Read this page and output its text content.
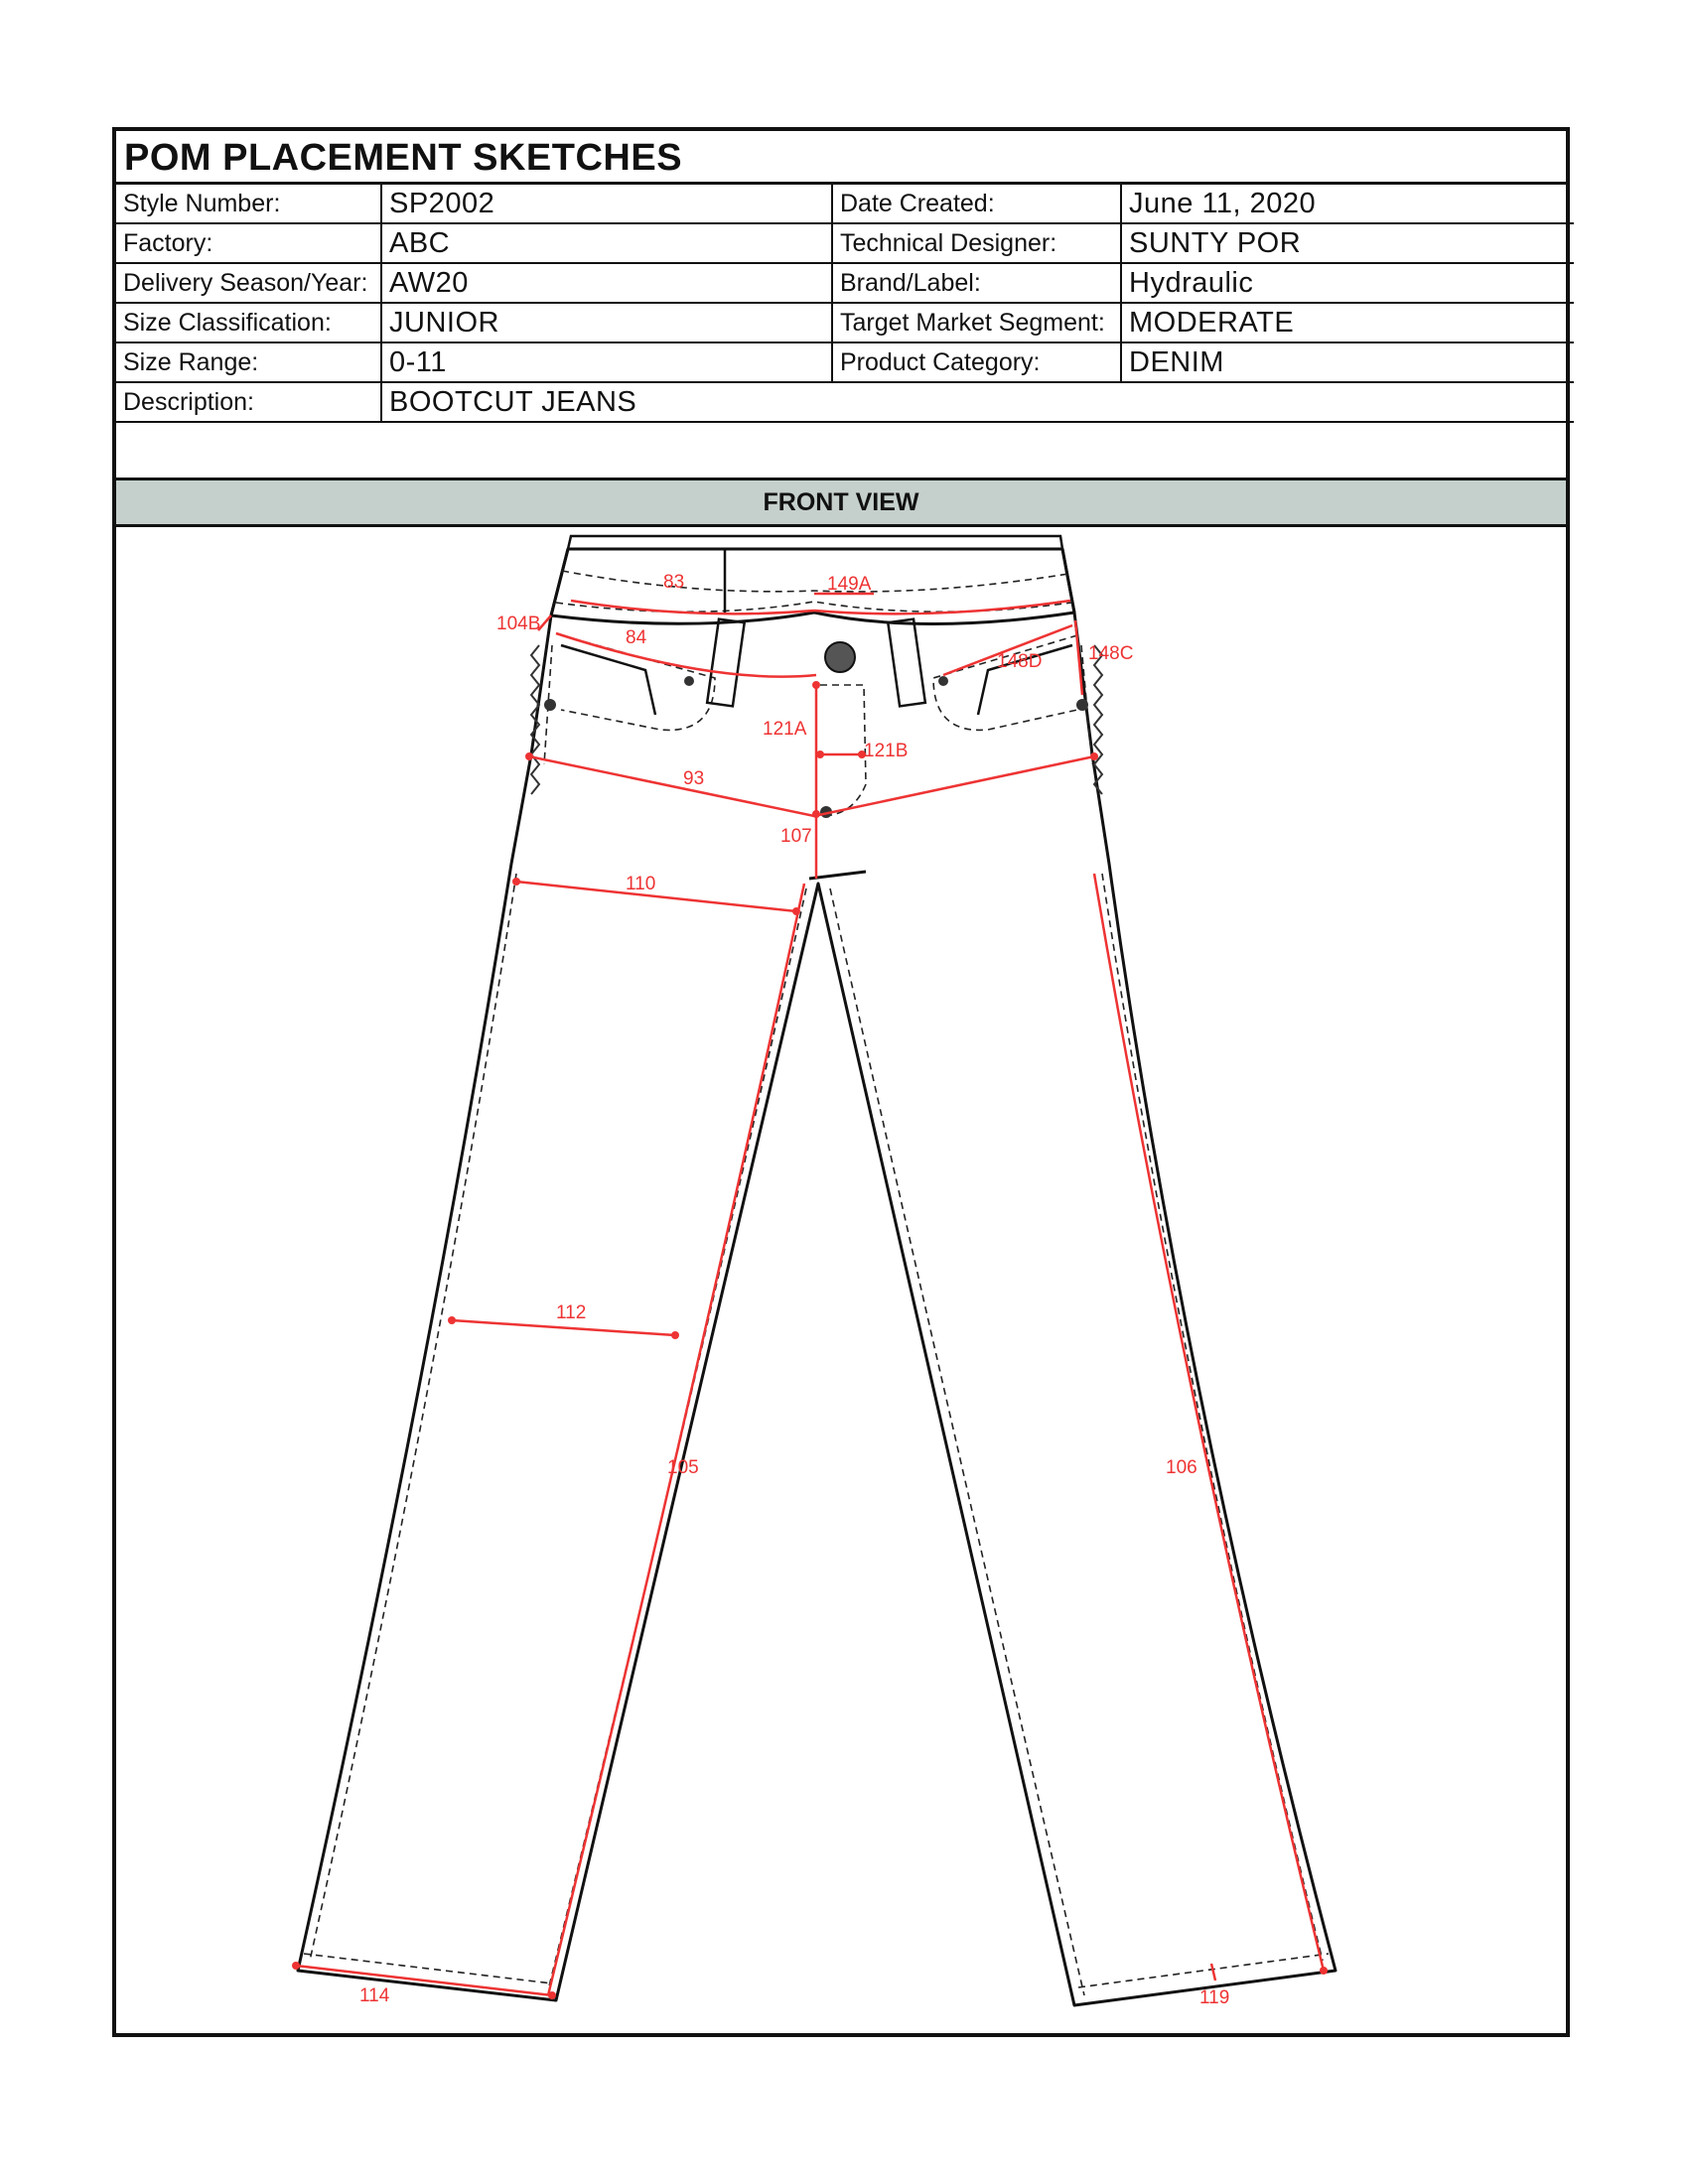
POM PLACEMENT SKETCHES
Style Number:	SP2002	Date Created:	June 11, 2020
Factory:	ABC	Technical Designer:	SUNTY POR
Delivery Season/Year:	AW20	Brand/Label:	Hydraulic
Size Classification:	JUNIOR	Target Market Segment:	MODERATE
Size Range:	0-11	Product Category:	DENIM
Description:	BOOTCUT JEANS		

FRONT VIEW
83	149A
104B
84
148D 148C
121A
121B
93
107
110
112
105	106
114	119
